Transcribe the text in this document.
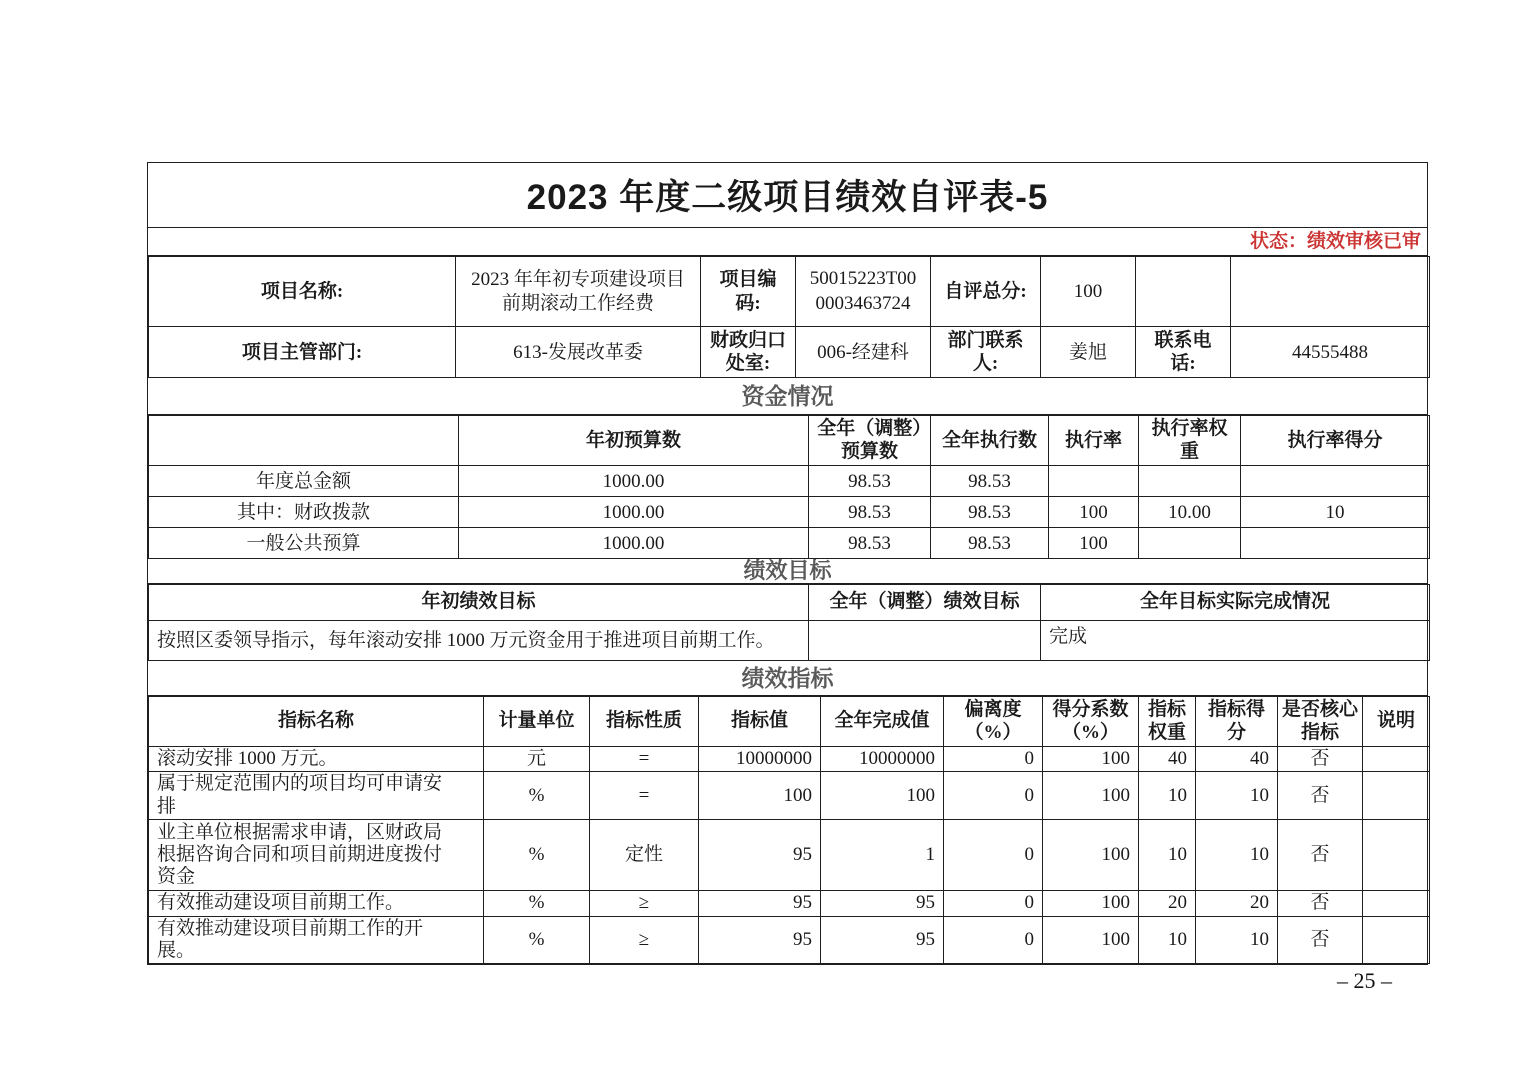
2023 年度二级项目绩效自评表-5
状态：绩效审核已审
项目名称:	2023 年年初专项建设项目前期滚动工作经费	项目编码:	50015223T000003463724	自评总分:	100		
项目主管部门:	613-发展改革委	财政归口处室:	006-经建科	部门联系人:	姜旭	联系电话:	44555488
资金情况
	年初预算数	全年（调整）预算数	全年执行数	执行率	执行率权重	执行率得分
年度总金额	1000.00	98.53	98.53			
其中：财政拨款	1000.00	98.53	98.53	100	10.00	10
一般公共预算	1000.00	98.53	98.53	100		
绩效目标
年初绩效目标	全年（调整）绩效目标	全年目标实际完成情况
按照区委领导指示，每年滚动安排 1000 万元资金用于推进项目前期工作。		完成
绩效指标
指标名称	计量单位	指标性质	指标值	全年完成值	偏离度（%）	得分系数（%）	指标权重	指标得分	是否核心指标	说明
滚动安排 1000 万元。	元	=	10000000	10000000	0	100	40	40	否	
属于规定范围内的项目均可申请安排	%	=	100	100	0	100	10	10	否	
业主单位根据需求申请，区财政局根据咨询合同和项目前期进度拨付资金	%	定性	95	1	0	100	10	10	否	
有效推动建设项目前期工作。	%	≥	95	95	0	100	20	20	否	
有效推动建设项目前期工作的开展。	%	≥	95	95	0	100	10	10	否	
– 25 –
